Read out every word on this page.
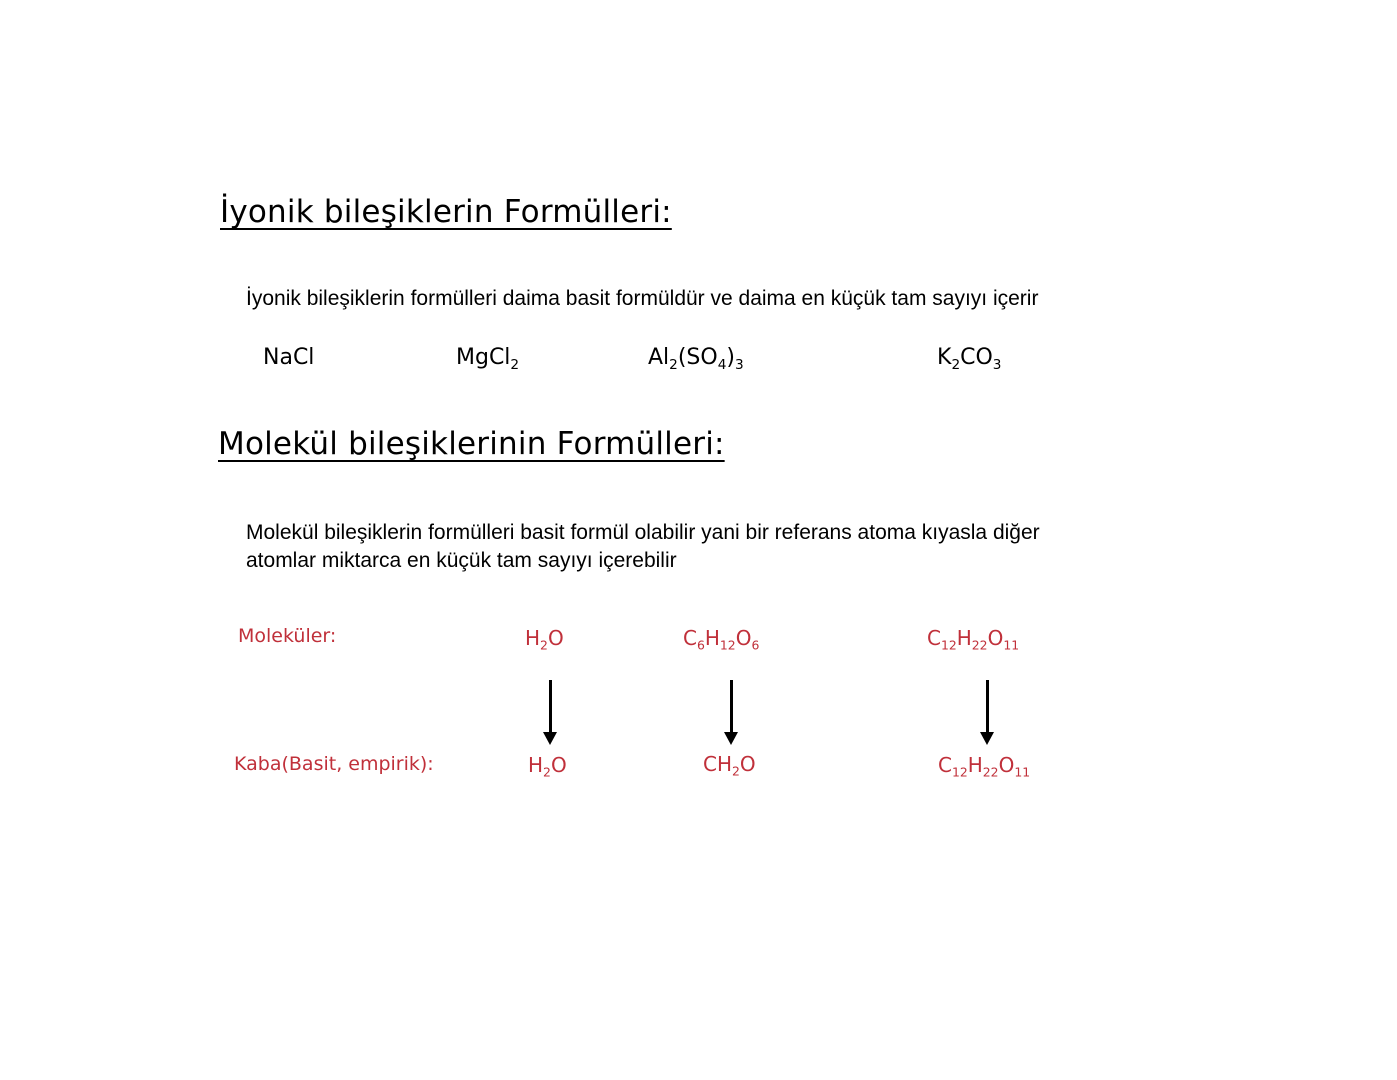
İyonik bileşiklerin Formülleri:
İyonik bileşiklerin formülleri daima basit formüldür ve daima en küçük tam sayıyı içerir
NaCl	MgCl$_2$	$Al_2(SO_4)_3$	$K_2CO_3$
Molekül bileşiklerinin Formülleri:
Molekül bileşiklerin formülleri basit formül olabilir yani bir referans atoma kıyasla diğer
atomlar miktarca en küçük tam sayıyı içerebilir
Moleküler:	$H_2O$	$C_6H_{12}O_6$	$C_{12}H_{22}O_{11}$
Kaba(Basit, empirik):	$H_2O$	$CH_2O$	$C_{12}H_{22}O_{11}$
